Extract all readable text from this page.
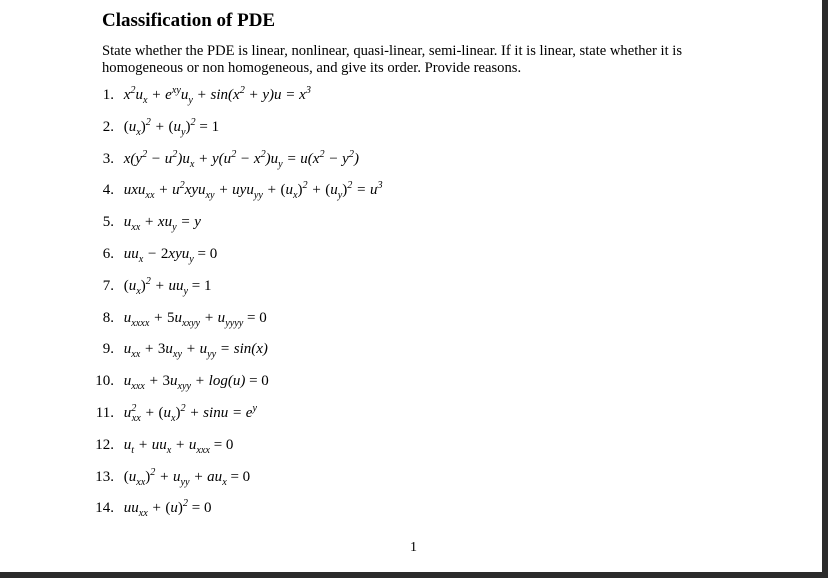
Classification of PDE

State whether the PDE is linear, nonlinear, quasi-linear, semi-linear. If it is linear, state whether it is homogeneous or non homogeneous, and give its order. Provide reasons.

1. $x^2u_x + e^{xy}u_y + \sin(x^2 + y)u = x^3$
2. $(u_x)^2 + (u_y)^2 = 1$
3. $x(y^2 - u^2)u_x + y(u^2 - x^2)u_y = u(x^2 - y^2)$
4. $uxu_{xx} + u^2xyu_{xy} + uyu_{yy} + (u_x)^2 + (u_y)^2 = u^3$
5. $u_{xx} + xu_y = y$
6. $uu_x - 2xyu_y = 0$
7. $(u_x)^2 + uu_y = 1$
8. $u_{xxxx} + 5u_{xxyy} + u_{yyyy} = 0$
9. $u_{xx} + 3u_{xy} + u_{yy} = \sin(x)$
10. $u_{xxx} + 3u_{xyy} + \log(u) = 0$
11. $u^2_{xx} + (u_x)^2 + \sin u = e^y$
12. $u_t + uu_x + u_{xxx} = 0$
13. $(u_{xx})^2 + u_{yy} + au_x = 0$
14. $uu_{xx} + (u)^2 = 0$
1
